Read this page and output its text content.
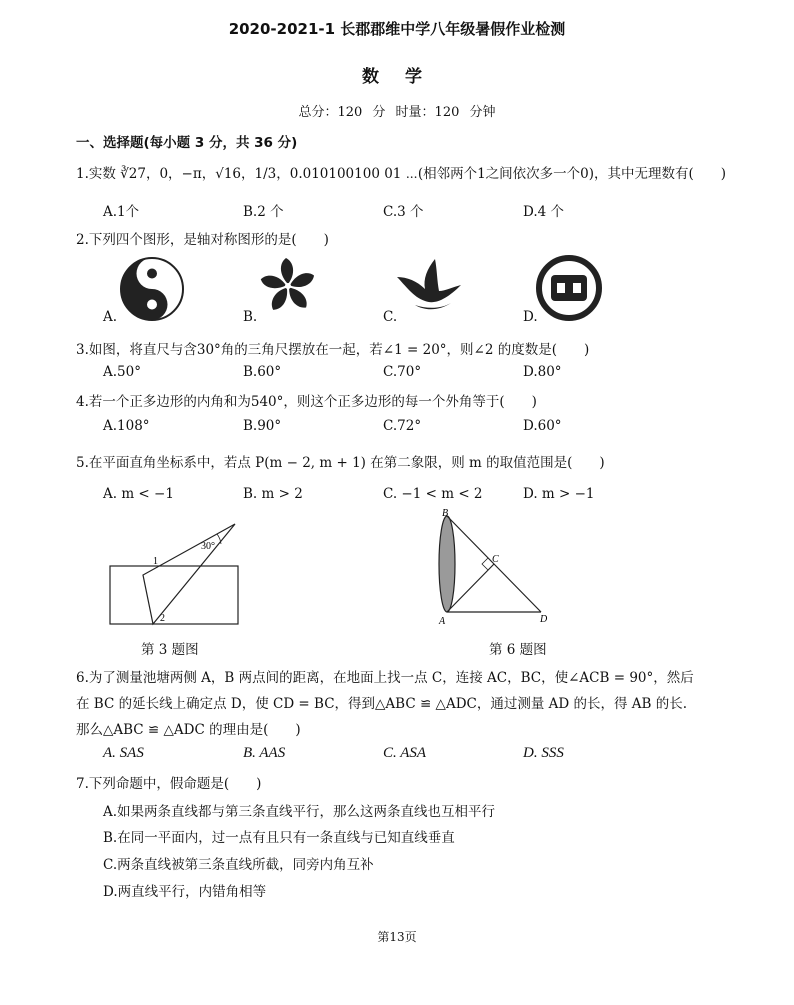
2020-2021-1 长郡郡维中学八年级暑假作业检测
数 学
总分：120 分 时量：120 分钟
一、选择题(每小题 3 分，共 36 分)
1.实数 ∛27，0，−π，√16，1/3，0.010100100 01 ⋯(相邻两个1之间依次多一个0)，其中无理数有(　　)
A.1个	B.2 个	C.3 个	D.4 个
2.下列四个图形，是轴对称图形的是(　　)
A.	B.	C.	D.
3.如图，将直尺与含30°角的三角尺摆放在一起，若∠1 = 20°，则∠2 的度数是(　　)
A.50°	B.60°	C.70°	D.80°
4.若一个正多边形的内角和为540°，则这个正多边形的每一个外角等于(　　)
A.108°	B.90°	C.72°	D.60°
5.在平面直角坐标系中，若点 P(m − 2, m + 1) 在第二象限，则 m 的取值范围是(　　)
A. m < −1	B. m > 2	C. −1 < m < 2	D. m > −1
30°
1
2
第 3 题图
B
C
A	D
第 6 题图
6.为了测量池塘两侧 A，B 两点间的距离，在地面上找一点 C，连接 AC，BC，使∠ACB = 90°，然后
在 BC 的延长线上确定点 D，使 CD = BC，得到△ABC ≌ △ADC，通过测量 AD 的长，得 AB 的长.
那么△ABC ≌ △ADC 的理由是(　　)
A. SAS	B. AAS	C. ASA	D. SSS
7.下列命题中，假命题是(　　)
A.如果两条直线都与第三条直线平行，那么这两条直线也互相平行
B.在同一平面内，过一点有且只有一条直线与已知直线垂直
C.两条直线被第三条直线所截，同旁内角互补
D.两直线平行，内错角相等
第13页
